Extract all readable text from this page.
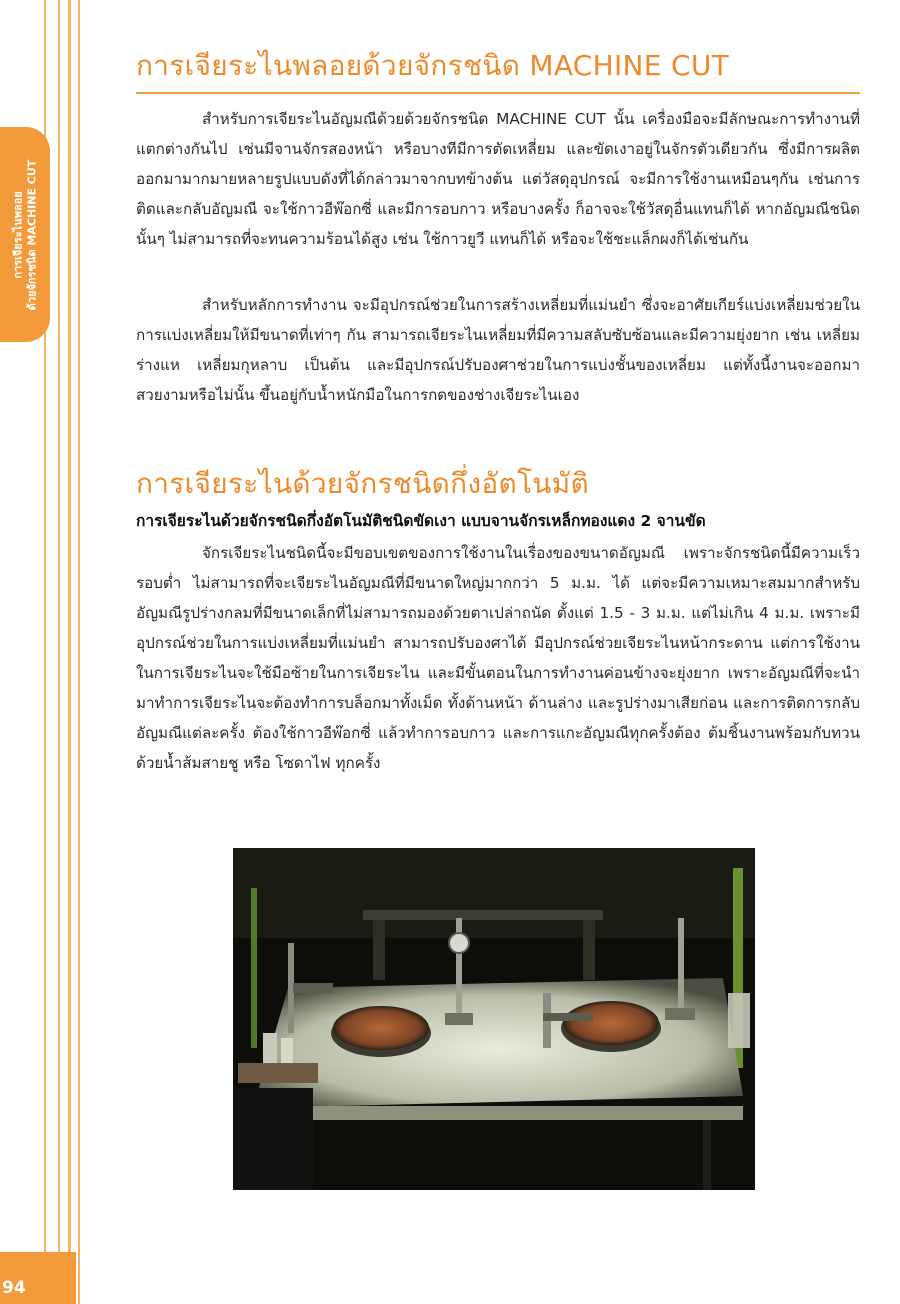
การเจียระไนพลอย ด้วยจักรชนิด MACHINE CUT
การเจียระไนพลอยด้วยจักรชนิด MACHINE CUT

สำหรับการเจียระไนอัญมณีด้วยด้วยจักรชนิด MACHINE CUT นั้น เครื่องมือจะมีลักษณะการทำงานที่แตกต่างกันไป เช่นมีจานจักรสองหน้า หรือบางทีมีการตัดเหลี่ยม และขัดเงาอยู่ในจักรตัวเดียวกัน ซึ่งมีการผลิตออกมามากมายหลายรูปแบบดังที่ได้กล่าวมาจากบทข้างต้น แต่วัสดุอุปกรณ์ จะมีการใช้งานเหมือนๆกัน เช่นการติดและกลับอัญมณี จะใช้กาวอีพ๊อกซี่ และมีการอบกาว หรือบางครั้ง ก็อาจจะใช้วัสดุอื่นแทนก็ได้ หากอัญมณีชนิดนั้นๆ ไม่สามารถที่จะทนความร้อนได้สูง เช่น ใช้กาวยูวี แทนก็ได้ หรือจะใช้ชะแล็กผงก็ได้เช่นกัน

สำหรับหลักการทำงาน จะมีอุปกรณ์ช่วยในการสร้างเหลี่ยมที่แม่นยำ ซึ่งจะอาศัยเกียร์แบ่งเหลี่ยมช่วยในการแบ่งเหลี่ยมให้มีขนาดที่เท่าๆ กัน สามารถเจียระไนเหลี่ยมที่มีความสลับซับซ้อนและมีความยุ่งยาก เช่น เหลี่ยมร่างแห เหลี่ยมกุหลาบ เป็นต้น และมีอุปกรณ์ปรับองศาช่วยในการแบ่งชั้นของเหลี่ยม แต่ทั้งนี้งานจะออกมาสวยงามหรือไม่นั้น ขึ้นอยู่กับน้ำหนักมือในการกดของช่างเจียระไนเอง

การเจียระไนด้วยจักรชนิดกึ่งอัตโนมัติ

การเจียระไนด้วยจักรชนิดกึ่งอัตโนมัติชนิดขัดเงา แบบจานจักรเหล็กทองแดง 2 จานขัด

จักรเจียระไนชนิดนี้จะมีขอบเขตของการใช้งานในเรื่องของขนาดอัญมณี เพราะจักรชนิดนี้มีความเร็วรอบต่ำ ไม่สามารถที่จะเจียระไนอัญมณีที่มีขนาดใหญ่มากกว่า 5 ม.ม. ได้ แต่จะมีความเหมาะสมมากสำหรับอัญมณีรูปร่างกลมที่มีขนาดเล็กที่ไม่สามารถมองด้วยตาเปล่าถนัด ตั้งแต่ 1.5 - 3 ม.ม. แต่ไม่เกิน 4 ม.ม. เพราะมีอุปกรณ์ช่วยในการแบ่งเหลี่ยมที่แม่นยำ สามารถปรับองศาได้ มีอุปกรณ์ช่วยเจียระไนหน้ากระดาน แต่การใช้งานในการเจียระไนจะใช้มือซ้ายในการเจียระไน และมีขั้นตอนในการทำงานค่อนข้างจะยุ่งยาก เพราะอัญมณีที่จะนำมาทำการเจียระไนจะต้องทำการบล็อกมาทั้งเม็ด ทั้งด้านหน้า ด้านล่าง และรูปร่างมาเสียก่อน และการติดการกลับอัญมณีแต่ละครั้ง ต้องใช้กาวอีพ๊อกซี่ แล้วทำการอบกาว และการแกะอัญมณีทุกครั้งต้อง ต้มชิ้นงานพร้อมกับทวนด้วยน้ำส้มสายชู หรือ โซดาไฟ ทุกครั้ง

94
